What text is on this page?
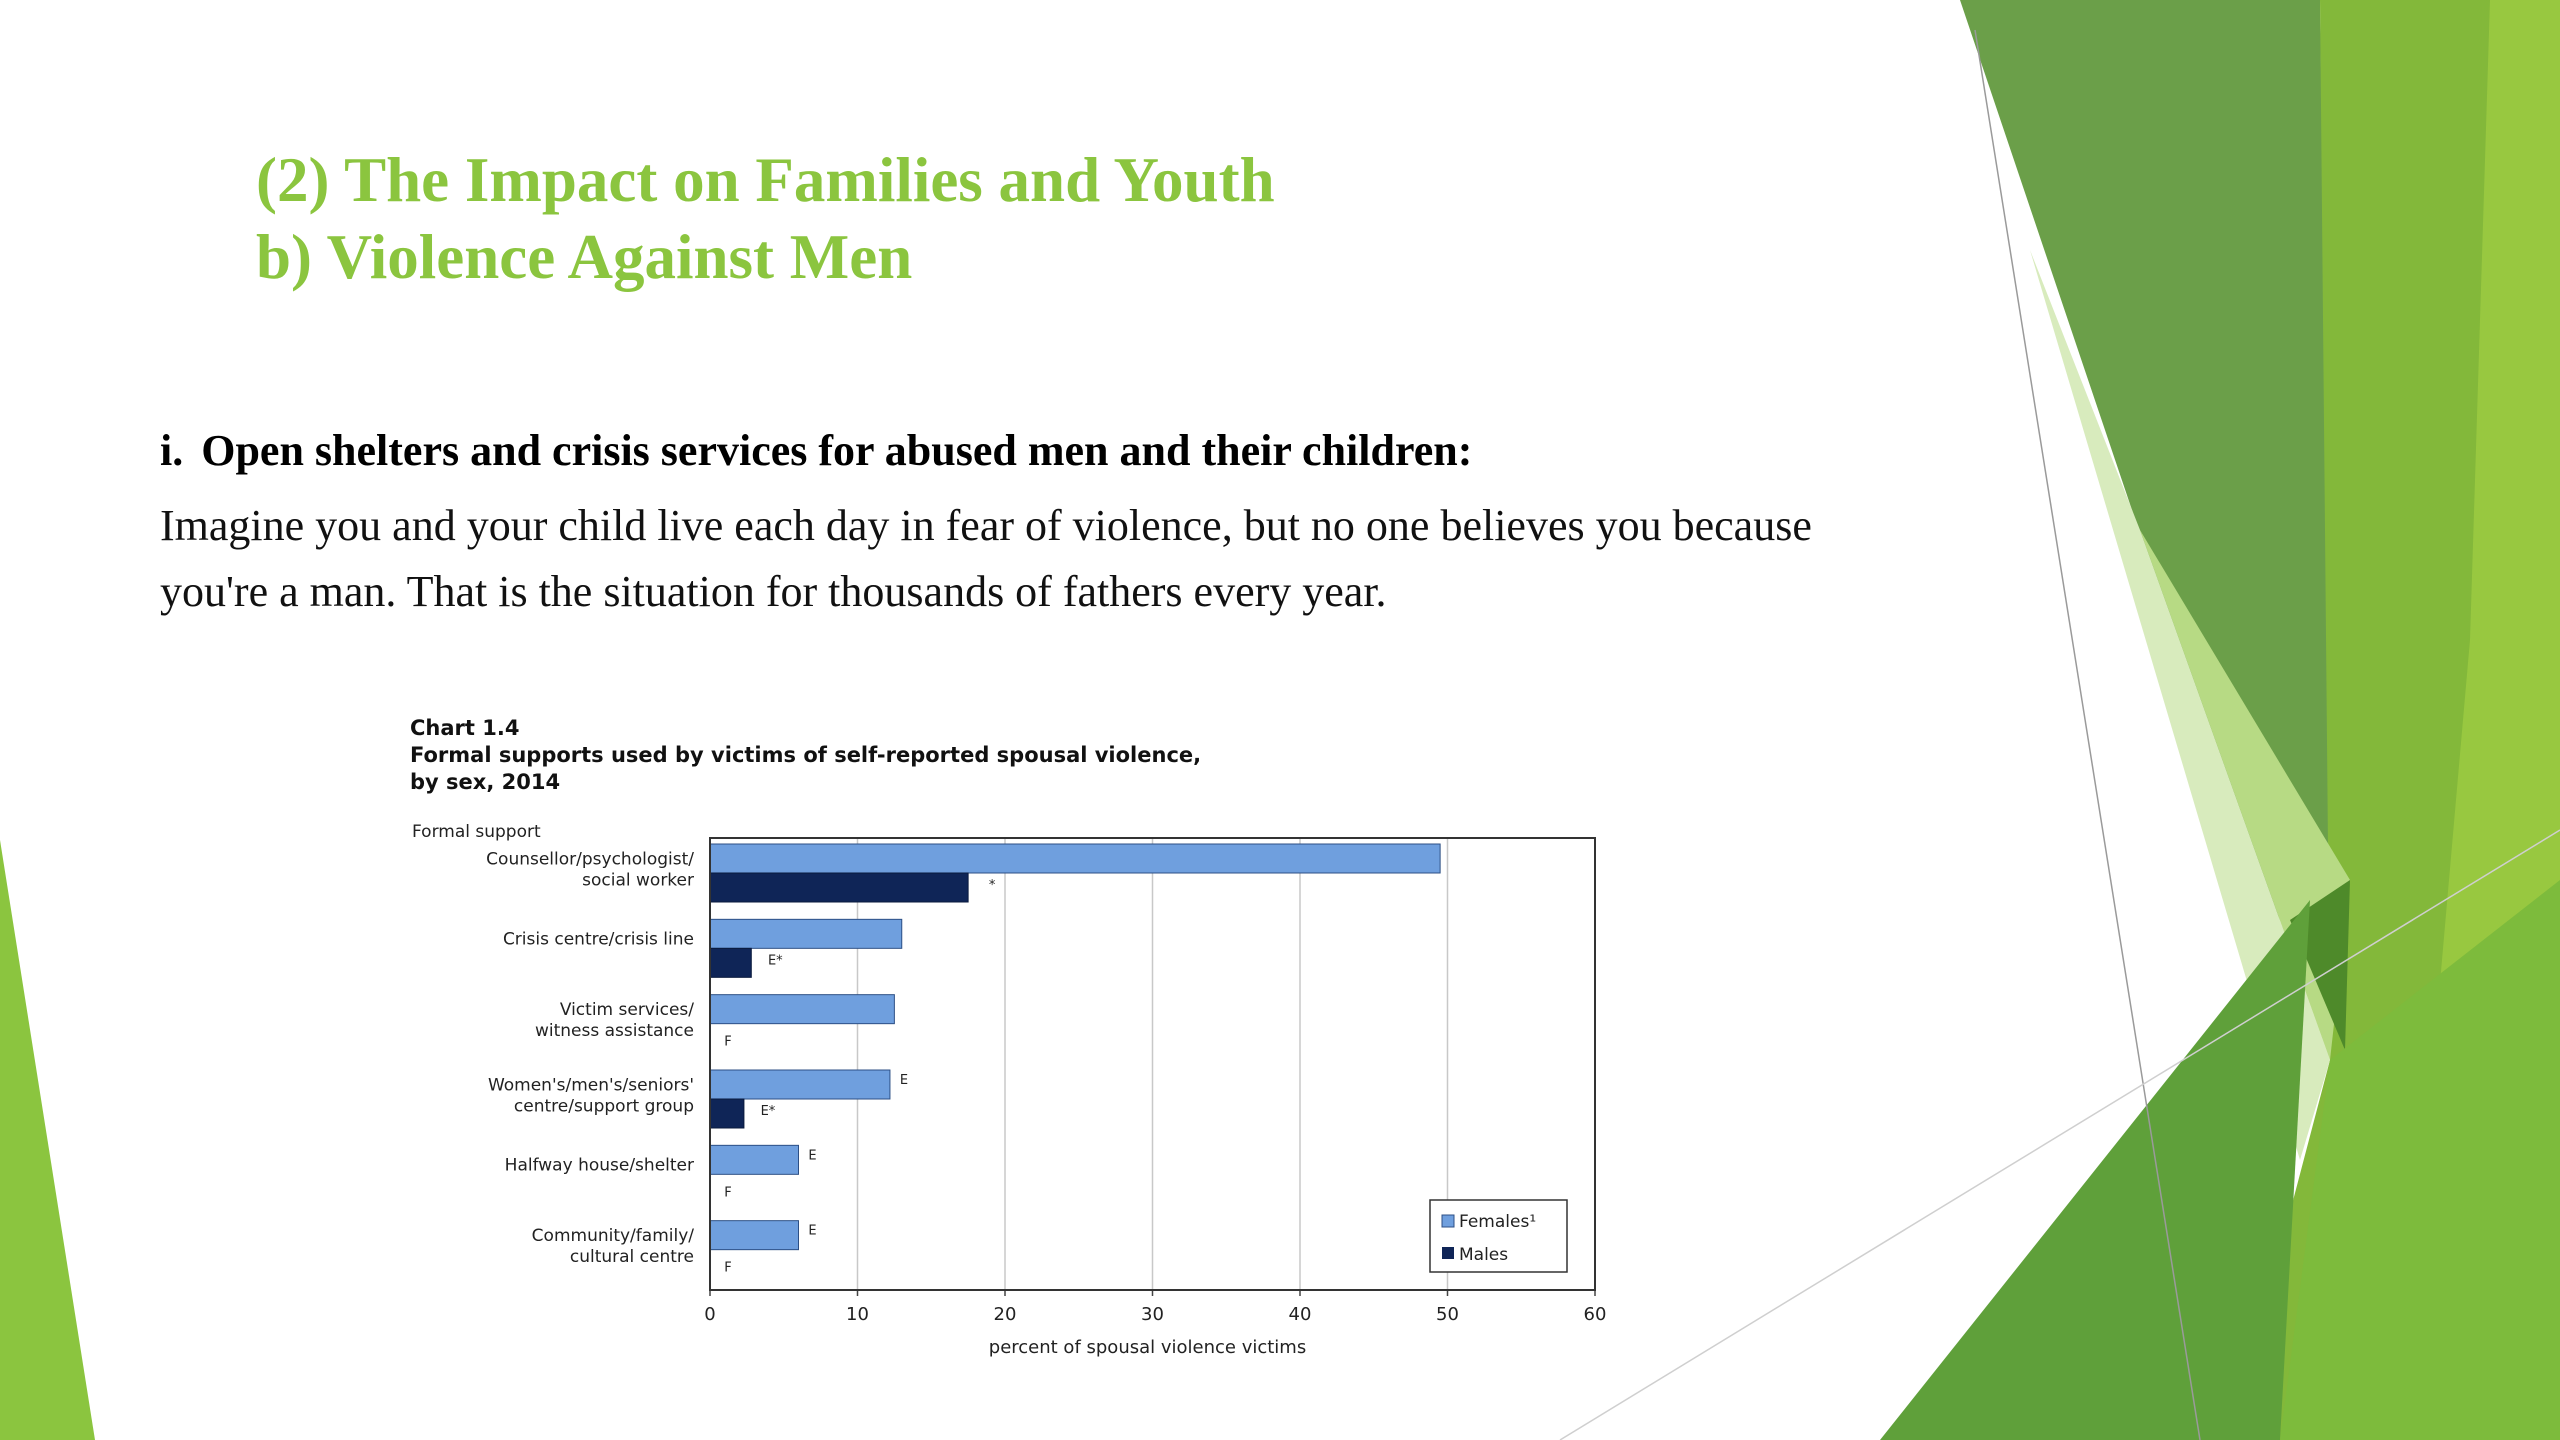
(2) The Impact on Families and Youth
b) Violence Against Men

i. Open shelters and crisis services for abused men and their children:

Imagine you and your child live each day in fear of violence, but no one believes you because you're a man. That is the situation for thousands of fathers every year.

0	10	20	30	40	50	60
Formal support
percent of spousal violence victims
*
Counsellor/psychologist/
social worker
E*
Crisis centre/crisis line
F
Victim services/
witness assistance
E
E*
Women's/men's/seniors'
centre/support group
E
F
Halfway house/shelter
E
F
Community/family/
cultural centre
Females¹
Males
Chart 1.4
Formal supports used by victims of self-reported spousal violence,
by sex, 2014
